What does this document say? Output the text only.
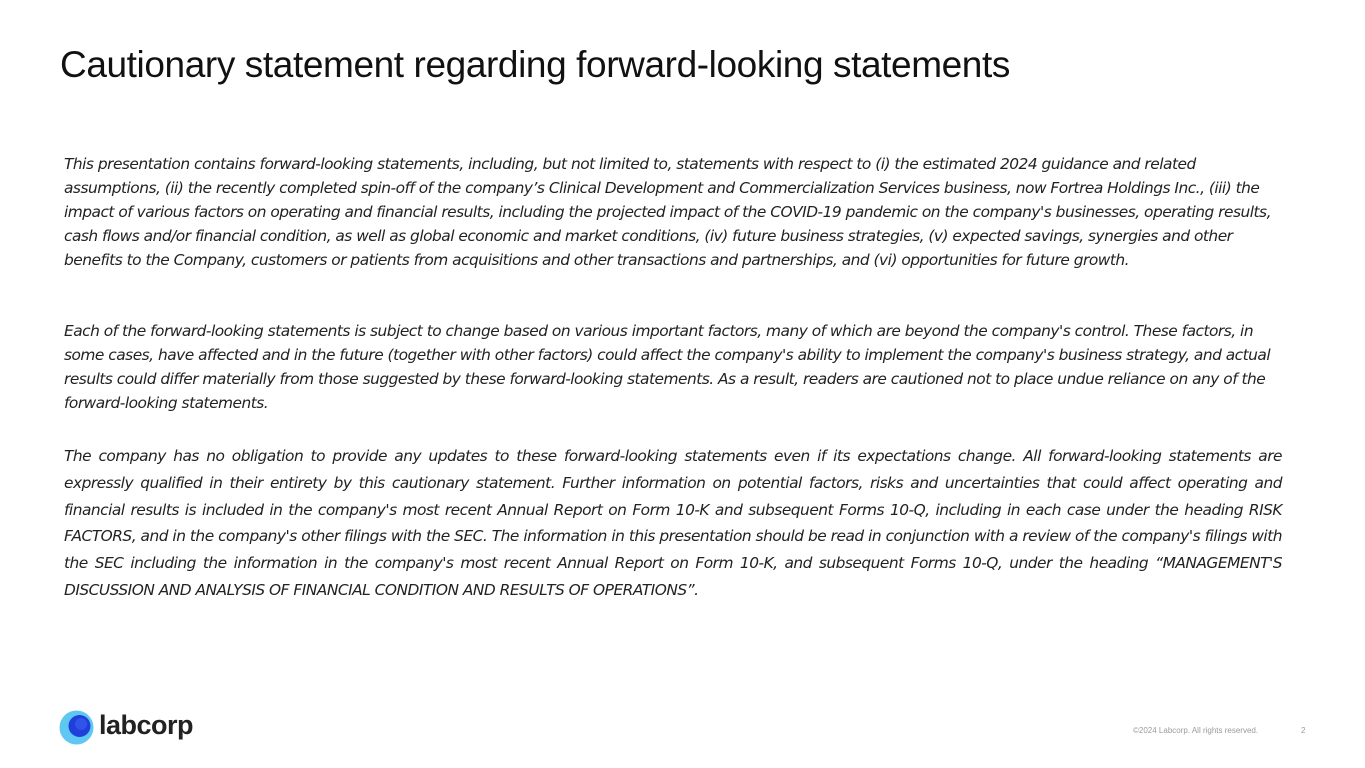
Cautionary statement regarding forward-looking statements

This presentation contains forward-looking statements, including, but not limited to, statements with respect to (i) the estimated 2024 guidance and related assumptions, (ii) the recently completed spin-off of the company’s Clinical Development and Commercialization Services business, now Fortrea Holdings Inc., (iii) the impact of various factors on operating and financial results, including the projected impact of the COVID-19 pandemic on the company's businesses, operating results, cash flows and/or financial condition, as well as global economic and market conditions, (iv) future business strategies, (v) expected savings, synergies and other benefits to the Company, customers or patients from acquisitions and other transactions and partnerships, and (vi) opportunities for future growth.

Each of the forward-looking statements is subject to change based on various important factors, many of which are beyond the company's control. These factors, in some cases, have affected and in the future (together with other factors) could affect the company's ability to implement the company's business strategy, and actual results could differ materially from those suggested by these forward-looking statements. As a result, readers are cautioned not to place undue reliance on any of the forward-looking statements.

The company has no obligation to provide any updates to these forward-looking statements even if its expectations change. All forward-looking statements are expressly qualified in their entirety by this cautionary statement. Further information on potential factors, risks and uncertainties that could affect operating and financial results is included in the company's most recent Annual Report on Form 10-K and subsequent Forms 10-Q, including in each case under the heading RISK FACTORS, and in the company's other filings with the SEC. The information in this presentation should be read in conjunction with a review of the company's filings with the SEC including the information in the company's most recent Annual Report on Form 10-K, and subsequent Forms 10-Q, under the heading “MANAGEMENT'S DISCUSSION AND ANALYSIS OF FINANCIAL CONDITION AND RESULTS OF OPERATIONS”.

labcorp	©2024 Labcorp. All rights reserved.	2
